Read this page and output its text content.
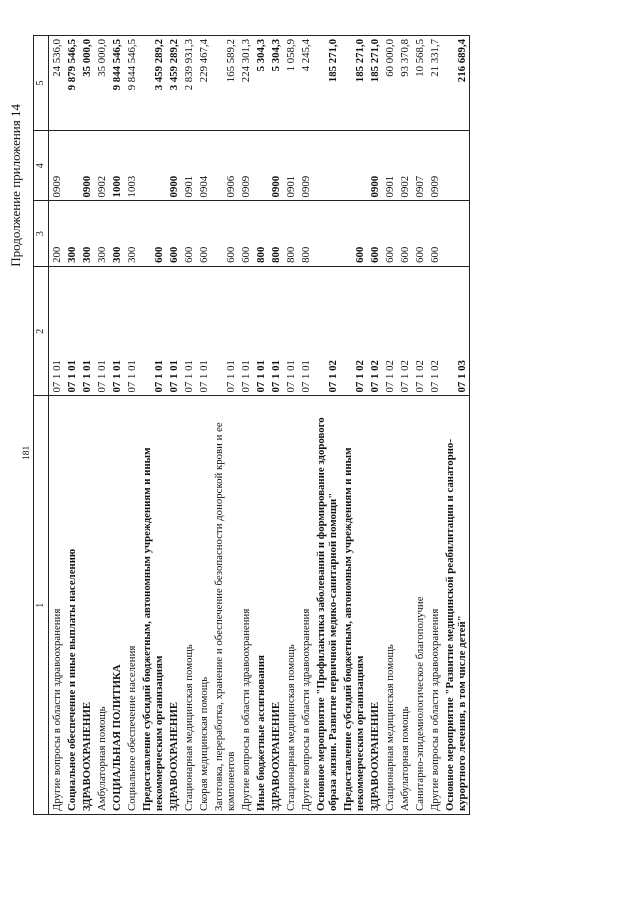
181
Продолжение приложения 14
1	2	3	4	5
Другие вопросы в области здравоохранения	07 1 01	200	0909	24 536,0
Социальное обеспечение и иные выплаты населению	07 1 01	300		9 879 546,5
ЗДРАВООХРАНЕНИЕ	07 1 01	300	0900	35 000,0
Амбулаторная помощь	07 1 01	300	0902	35 000,0
СОЦИАЛЬНАЯ ПОЛИТИКА	07 1 01	300	1000	9 844 546,5
Социальное обеспечение населения	07 1 01	300	1003	9 844 546,5
Предоставление субсидий бюджетным, автономным учреждениям и иным некоммерческим организациям	07 1 01	600		3 459 289,2
ЗДРАВООХРАНЕНИЕ	07 1 01	600	0900	3 459 289,2
Стационарная медицинская помощь	07 1 01	600	0901	2 839 931,3
Скорая медицинская помощь	07 1 01	600	0904	229 467,4
Заготовка, переработка, хранение и обеспечение безопасности донорской крови и ее компонентов	07 1 01	600	0906	165 589,2
Другие вопросы в области здравоохранения	07 1 01	600	0909	224 301,3
Иные бюджетные ассигнования	07 1 01	800		5 304,3
ЗДРАВООХРАНЕНИЕ	07 1 01	800	0900	5 304,3
Стационарная медицинская помощь	07 1 01	800	0901	1 058,9
Другие вопросы в области здравоохранения	07 1 01	800	0909	4 245,4
Основное мероприятие "Профилактика заболеваний и формирование здорового образа жизни. Развитие первичной медико-санитарной помощи"	07 1 02			185 271,0
Предоставление субсидий бюджетным, автономным учреждениям и иным некоммерческим организациям	07 1 02	600		185 271,0
ЗДРАВООХРАНЕНИЕ	07 1 02	600	0900	185 271,0
Стационарная медицинская помощь	07 1 02	600	0901	60 000,0
Амбулаторная помощь	07 1 02	600	0902	93 370,8
Санитарно-эпидемиологическое благополучие	07 1 02	600	0907	10 568,5
Другие вопросы в области здравоохранения	07 1 02	600	0909	21 331,7
Основное мероприятие "Развитие медицинской реабилитации и санаторно-курортного лечения, в том числе детей"	07 1 03			216 689,4
